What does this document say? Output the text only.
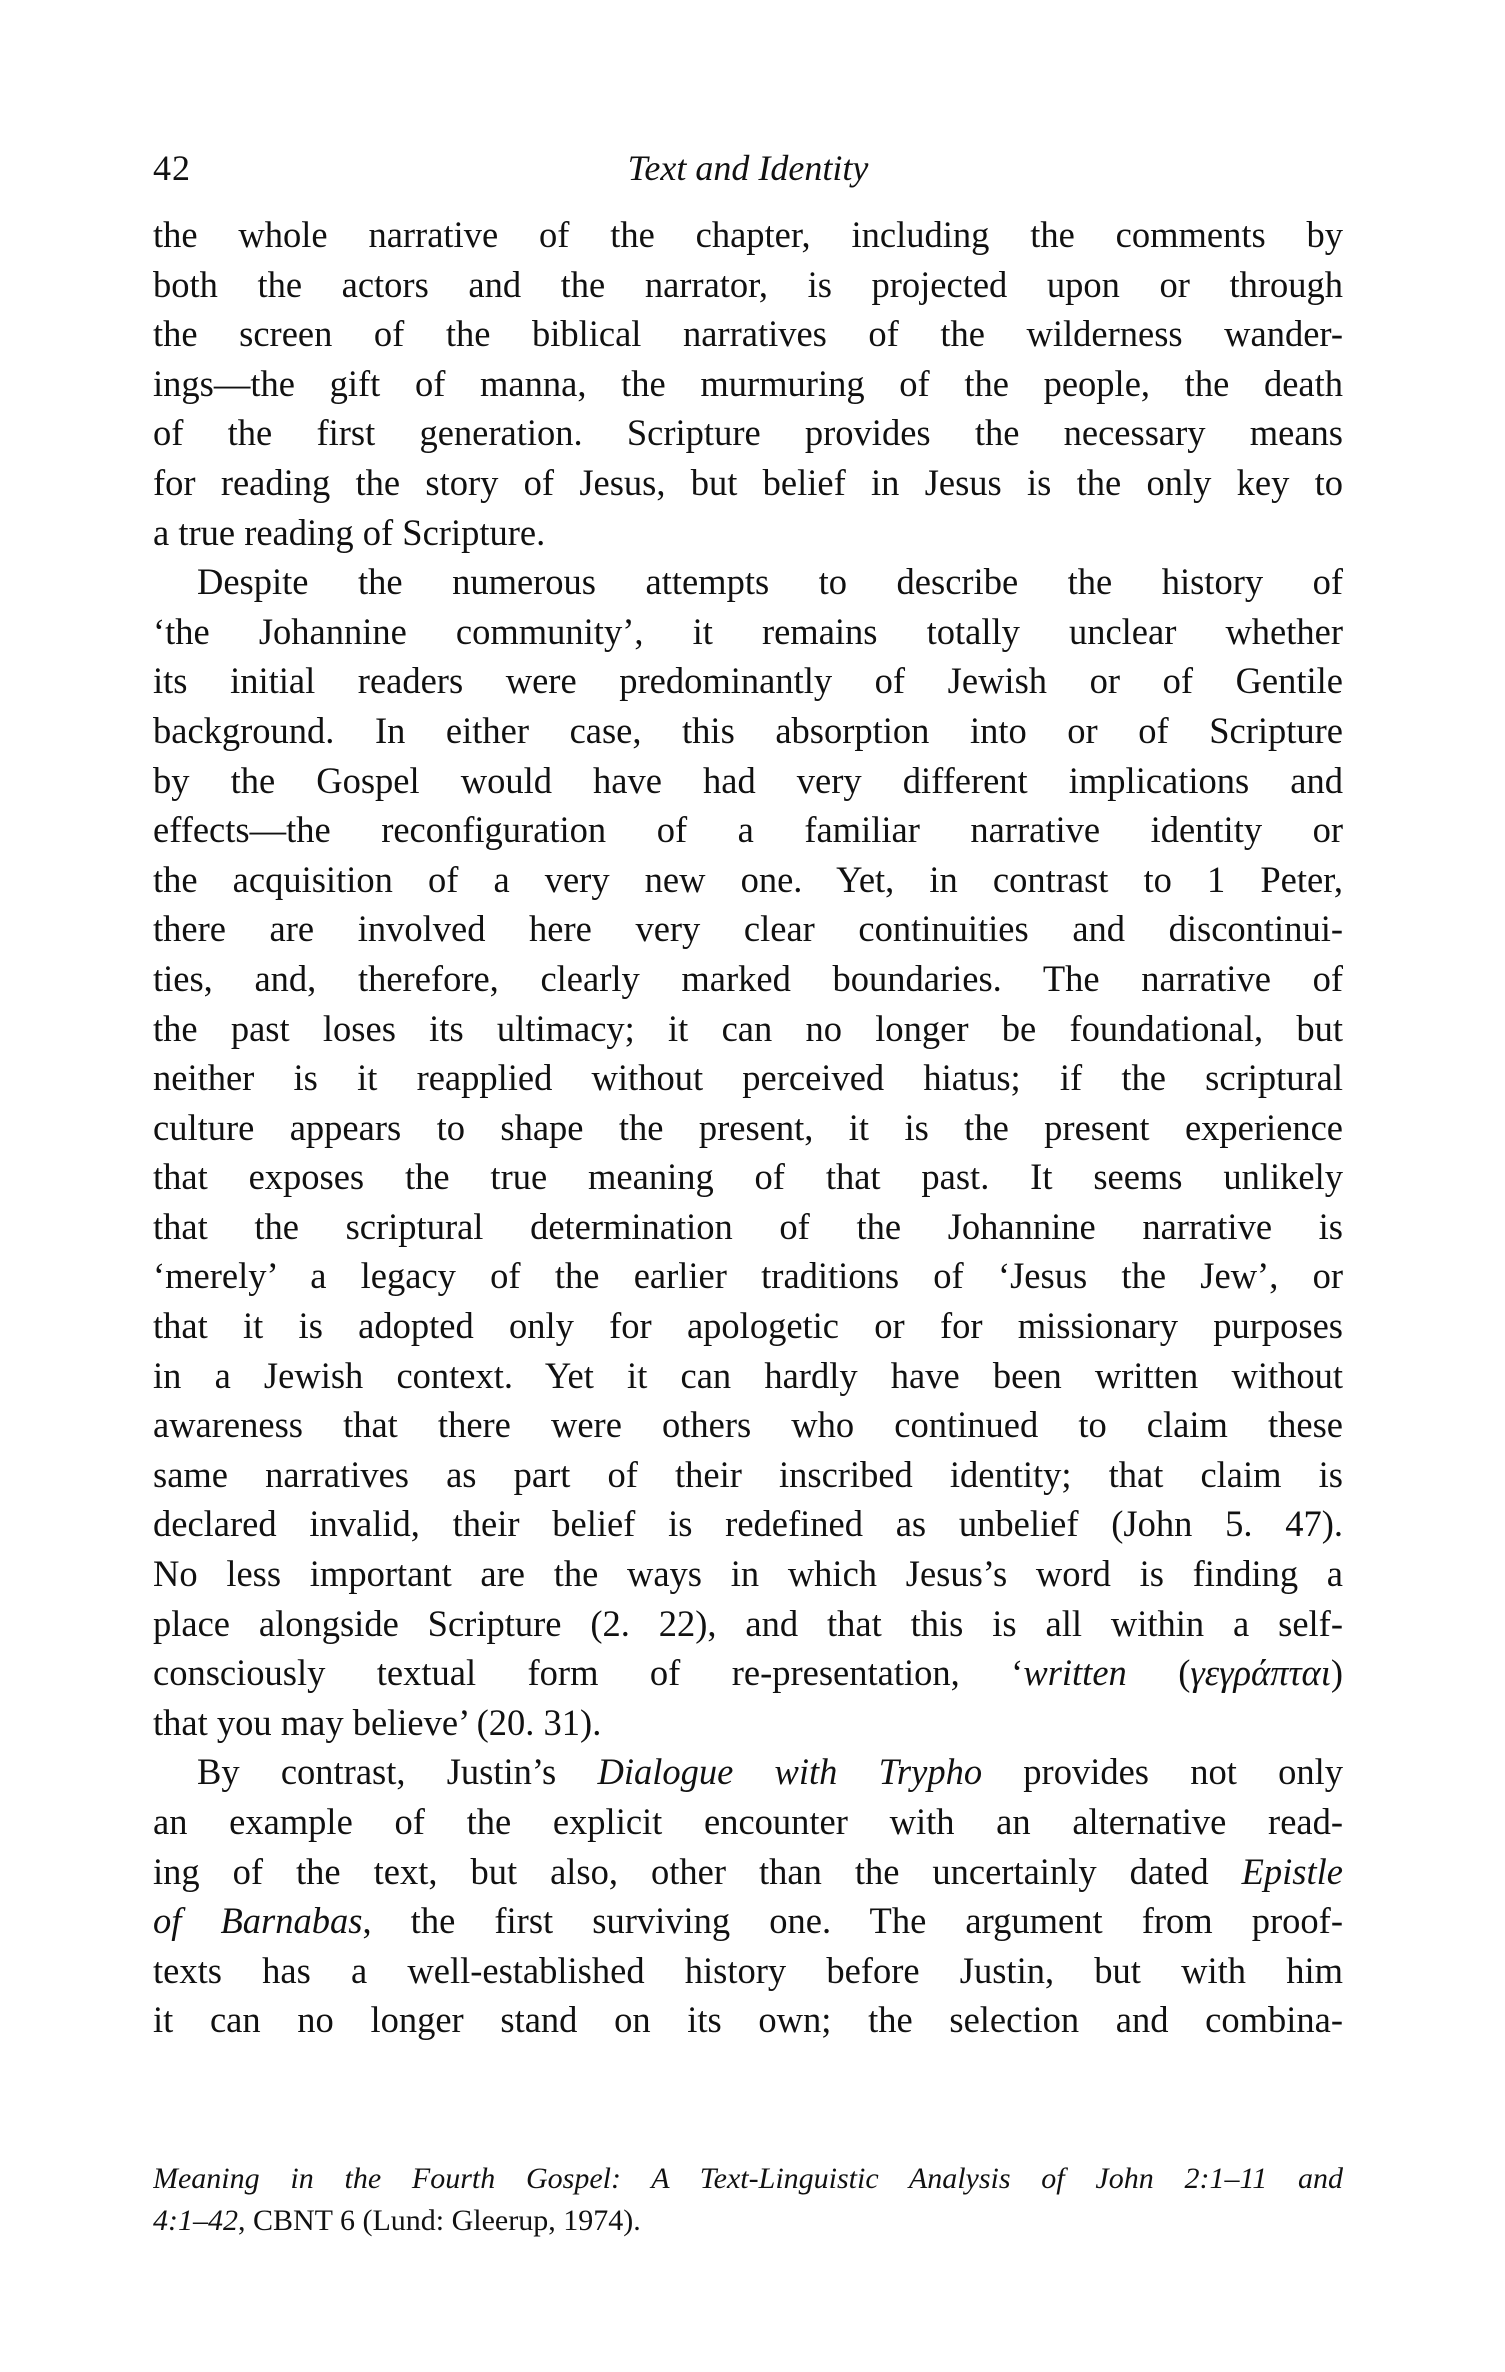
42	Text and Identity
the whole narrative of the chapter, including the comments by
both the actors and the narrator, is projected upon or through
the screen of the biblical narratives of the wilderness wander-
ings—the gift of manna, the murmuring of the people, the death
of the first generation. Scripture provides the necessary means
for reading the story of Jesus, but belief in Jesus is the only key to
a true reading of Scripture.
Despite the numerous attempts to describe the history of
‘the Johannine community’, it remains totally unclear whether
its initial readers were predominantly of Jewish or of Gentile
background. In either case, this absorption into or of Scripture
by the Gospel would have had very different implications and
effects—the reconfiguration of a familiar narrative identity or
the acquisition of a very new one. Yet, in contrast to 1 Peter,
there are involved here very clear continuities and discontinui-
ties, and, therefore, clearly marked boundaries. The narrative of
the past loses its ultimacy; it can no longer be foundational, but
neither is it reapplied without perceived hiatus; if the scriptural
culture appears to shape the present, it is the present experience
that exposes the true meaning of that past. It seems unlikely
that the scriptural determination of the Johannine narrative is
‘merely’ a legacy of the earlier traditions of ‘Jesus the Jew’, or
that it is adopted only for apologetic or for missionary purposes
in a Jewish context. Yet it can hardly have been written without
awareness that there were others who continued to claim these
same narratives as part of their inscribed identity; that claim is
declared invalid, their belief is redefined as unbelief (John 5. 47).
No less important are the ways in which Jesus’s word is finding a
place alongside Scripture (2. 22), and that this is all within a self-
consciously textual form of re-presentation, ‘written (γεγράπται)
that you may believe’ (20. 31).
By contrast, Justin’s Dialogue with Trypho provides not only
an example of the explicit encounter with an alternative read-
ing of the text, but also, other than the uncertainly dated Epistle
of Barnabas, the first surviving one. The argument from proof-
texts has a well-established history before Justin, but with him
it can no longer stand on its own; the selection and combina-
Meaning in the Fourth Gospel: A Text-Linguistic Analysis of John 2:1–11 and
4:1–42, CBNT 6 (Lund: Gleerup, 1974).
